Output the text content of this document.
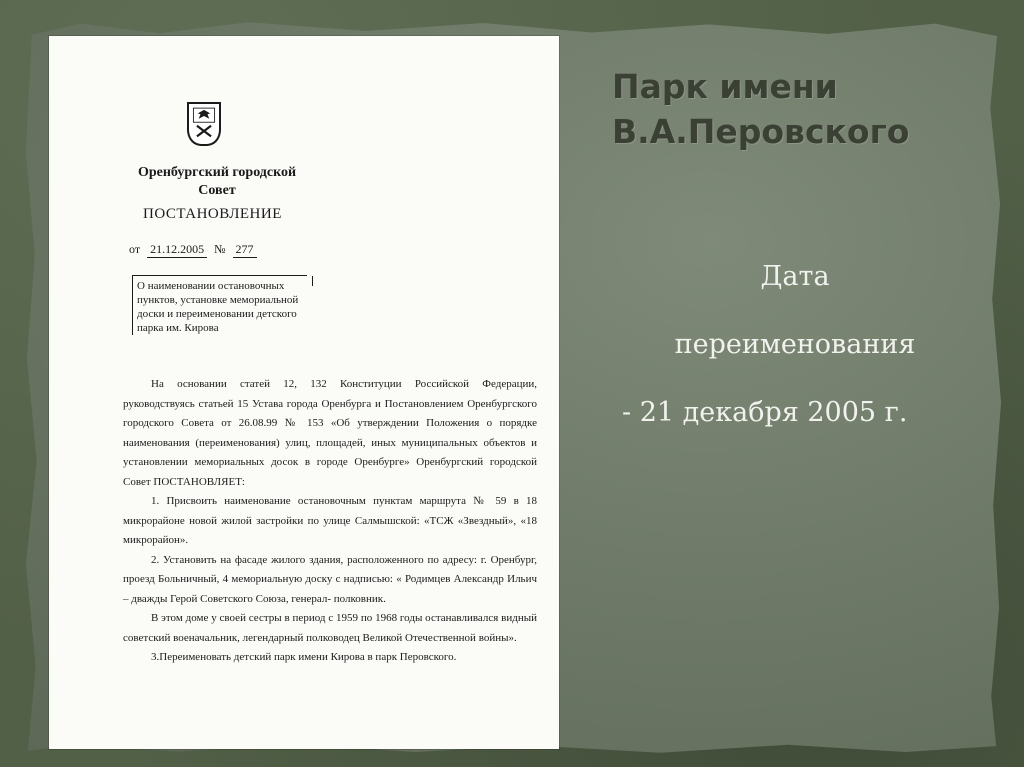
Оренбургский городской
Совет
ПОСТАНОВЛЕНИЕ
от 21.12.2005 № 277
О наименовании остановочных
пунктов, установке мемориальной
доски и переименовании детского
парка им. Кирова

На основании статей 12, 132 Конституции Российской Федерации, руководствуясь статьей 15 Устава города Оренбурга и Постановлением Оренбургского городского Совета от 26.08.99 № 153 «Об утверждении Положения о порядке наименования (переименования) улиц, площадей, иных муниципальных объектов и установлении мемориальных досок в городе Оренбурге» Оренбургский городской Совет ПОСТАНОВЛЯЕТ:

1. Присвоить наименование остановочным пунктам маршрута № 59 в 18 микрорайоне новой жилой застройки по улице Салмышской: «ТСЖ «Звездный», «18 микрорайон».

2. Установить на фасаде жилого здания, расположенного по адресу: г. Оренбург, проезд Больничный, 4 мемориальную доску с надписью: « Родимцев Александр Ильич – дважды Герой Советского Союза, генерал- полковник.

В этом доме у своей сестры в период с 1959 по 1968 годы останавливался видный советский военачальник, легендарный полководец Великой Отечественной войны».

3.Переименовать детский парк имени Кирова в парк Перовского.

Парк имени
В.А.Перовского
Дата
переименования
- 21 декабря 2005 г.
